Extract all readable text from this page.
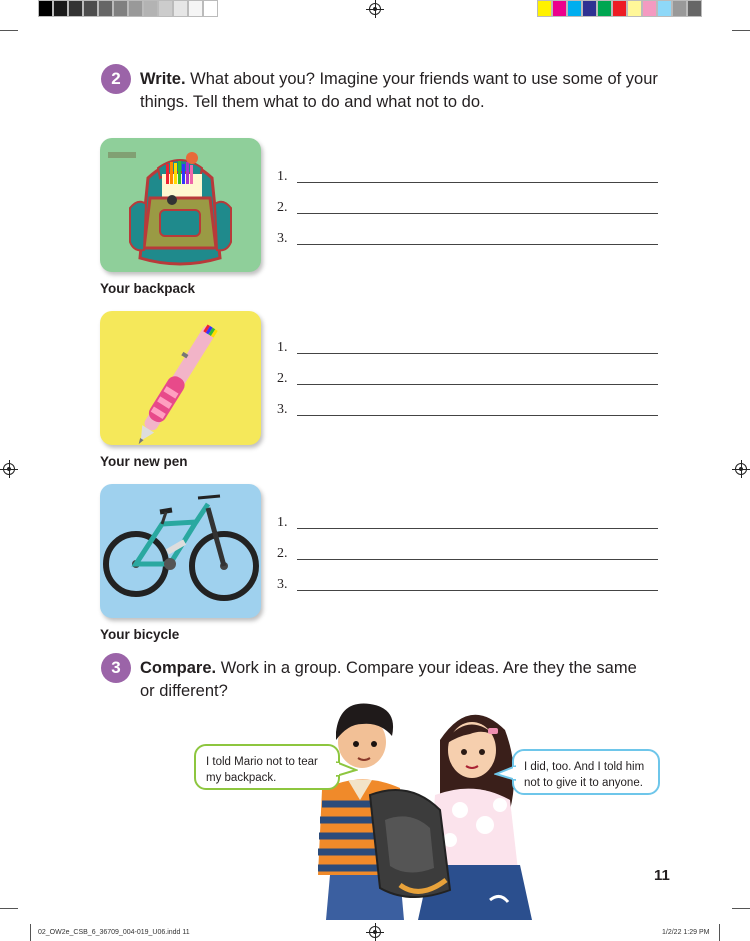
2 Write. What about you? Imagine your friends want to use some of your
things. Tell them what to do and what not to do.
Your backpack
1.
2.
3.
Your new pen
1.
2.
3.
Your bicycle
1.
2.
3.
3 Compare. Work in a group. Compare your ideas. Are they the same
or different?
I told Mario not to tear
my backpack.
I did, too. And I told him
not to give it to anyone.
11
02_OW2e_CSB_6_36709_004-019_U06.indd 11	1/2/22 1:29 PM
